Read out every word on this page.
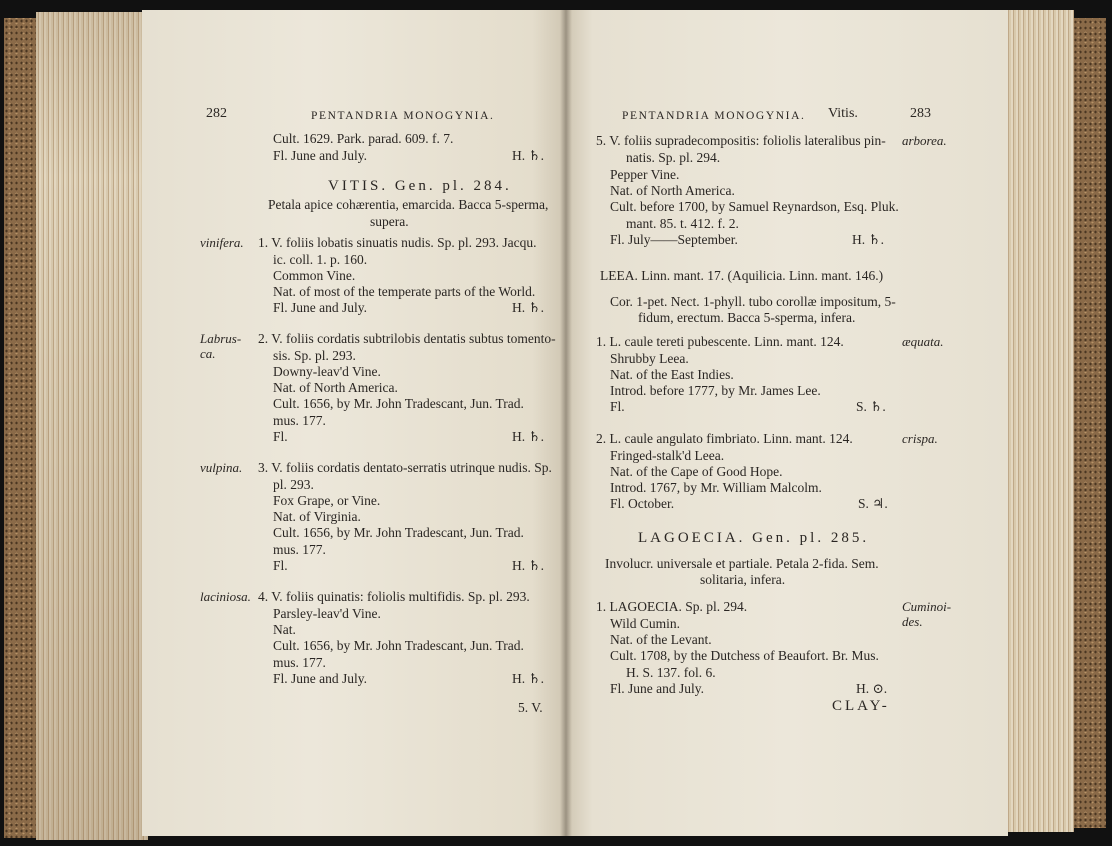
282	PENTANDRIA MONOGYNIA.	PENTANDRIA MONOGYNIA. Vitis.	283
Cult. 1629. Park. parad. 609. f. 7.
Fl. June and July.	H. ♄.
VITIS. Gen. pl. 284.
Petala apice cohærentia, emarcida. Bacca 5-sperma,
supera.
1. V. foliis lobatis sinuatis nudis. Sp. pl. 293. Jacqu.
ic. coll. 1. p. 160.
Common Vine.
Nat. of most of the temperate parts of the World.
Fl. June and July.	H. ♄.
2. V. foliis cordatis subtrilobis dentatis subtus tomento-
sis. Sp. pl. 293.
Downy-leav'd Vine.
Nat. of North America.
Cult. 1656, by Mr. John Tradescant, Jun. Trad.
mus. 177.
Fl.	H. ♄.
3. V. foliis cordatis dentato-serratis utrinque nudis. Sp.
pl. 293.
Fox Grape, or Vine.
Nat. of Virginia.
Cult. 1656, by Mr. John Tradescant, Jun. Trad.
mus. 177.
Fl.	H. ♄.
4. V. foliis quinatis: foliolis multifidis. Sp. pl. 293.
Parsley-leav'd Vine.
Nat.
Cult. 1656, by Mr. John Tradescant, Jun. Trad.
mus. 177.
Fl. June and July.	H. ♄.
5. V.
vinifera.
Labrus-
ca.
vulpina.
laciniosa.
5. V. foliis supradecompositis: foliolis lateralibus pin-
natis. Sp. pl. 294.
Pepper Vine.
Nat. of North America.
Cult. before 1700, by Samuel Reynardson, Esq. Pluk.
mant. 85. t. 412. f. 2.
Fl. July——September.	H. ♄.
LEEA. Linn. mant. 17. (Aquilicia. Linn. mant. 146.)
Cor. 1-pet. Nect. 1-phyll. tubo corollæ impositum, 5-
fidum, erectum. Bacca 5-sperma, infera.
1. L. caule tereti pubescente. Linn. mant. 124.
Shrubby Leea.
Nat. of the East Indies.
Introd. before 1777, by Mr. James Lee.
Fl.	S. ♄.
2. L. caule angulato fimbriato. Linn. mant. 124.
Fringed-stalk'd Leea.
Nat. of the Cape of Good Hope.
Introd. 1767, by Mr. William Malcolm.
Fl. October.	S. ♃.
LAGOECIA. Gen. pl. 285.
Involucr. universale et partiale. Petala 2-fida. Sem.
solitaria, infera.
1. LAGOECIA. Sp. pl. 294.
Wild Cumin.
Nat. of the Levant.
Cult. 1708, by the Dutchess of Beaufort. Br. Mus.
H. S. 137. fol. 6.
Fl. June and July.	H. ⊙.
CLAY-
arborea.
æquata.
crispa.
Cuminoi-
des.
